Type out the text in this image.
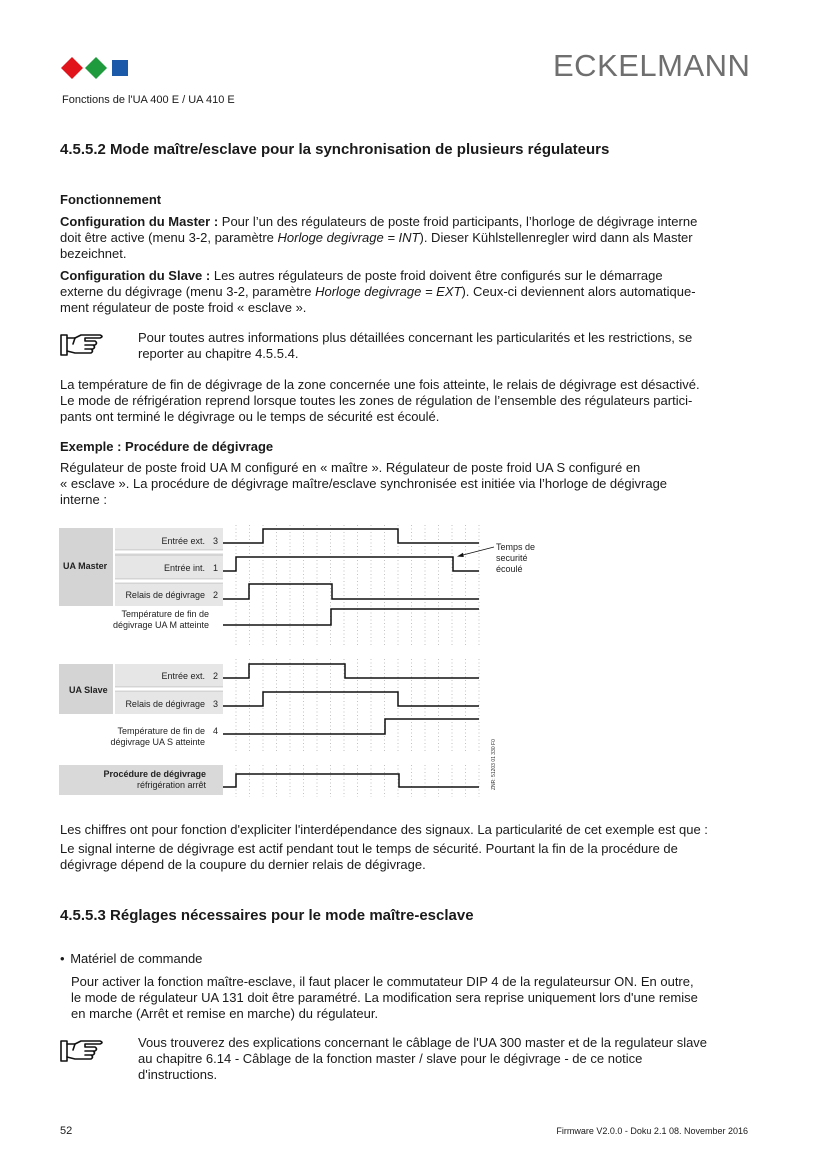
ECKELMANN
Fonctions de l'UA 400 E / UA 410 E
4.5.5.2 Mode maître/esclave pour la synchronisation de plusieurs régulateurs
Fonctionnement
Configuration du Master : Pour l’un des régulateurs de poste froid participants, l’horloge de dégivrage interne
doit être active (menu 3-2, paramètre Horloge degivrage = INT). Dieser Kühlstellenregler wird dann als Master
bezeichnet.
Configuration du Slave : Les autres régulateurs de poste froid doivent être configurés sur le démarrage
externe du dégivrage (menu 3-2, paramètre Horloge degivrage = EXT). Ceux-ci deviennent alors automatique-
ment régulateur de poste froid « esclave ».
Pour toutes autres informations plus détaillées concernant les particularités et les restrictions, se
reporter au chapitre 4.5.5.4.
La température de fin de dégivrage de la zone concernée une fois atteinte, le relais de dégivrage est désactivé.
Le mode de réfrigération reprend lorsque toutes les zones de régulation de l’ensemble des régulateurs partici-
pants ont terminé le dégivrage ou le temps de sécurité est écoulé.
Exemple : Procédure de dégivrage
Régulateur de poste froid UA M configuré en « maître ». Régulateur de poste froid UA S configuré en
« esclave ». La procédure de dégivrage maître/esclave synchronisée est initiée via l’horloge de dégivrage
interne :
Entrée ext. 3
Entrée int. 1
Relais de dégivrage 2
Température de fin de
dégivrage UA M atteinte
Entrée ext. 2
Relais de dégivrage 3
Température de fin de 4
dégivrage UA S atteinte
réfrigération arrêt
Temps de
securité
écoulé
UA Master
UA Slave
Procédure de dégivrage	ZNR: 51203 01 330 F0
Les chiffres ont pour fonction d'expliciter l'interdépendance des signaux. La particularité de cet exemple est que :
Le signal interne de dégivrage est actif pendant tout le temps de sécurité. Pourtant la fin de la procédure de
dégivrage dépend de la coupure du dernier relais de dégivrage.
4.5.5.3 Réglages nécessaires pour le mode maître-esclave
• Matériel de commande
Pour activer la fonction maître-esclave, il faut placer le commutateur DIP 4 de la regulateursur ON. En outre,
le mode de régulateur UA 131 doit être paramétré. La modification sera reprise uniquement lors d'une remise
en marche (Arrêt et remise en marche) du régulateur.
Vous trouverez des explications concernant le câblage de l'UA 300 master et de la regulateur slave
au chapitre 6.14 - Câblage de la fonction master / slave pour le dégivrage - de ce notice
d'instructions.
52	Firmware V2.0.0 - Doku 2.1 08. November 2016
